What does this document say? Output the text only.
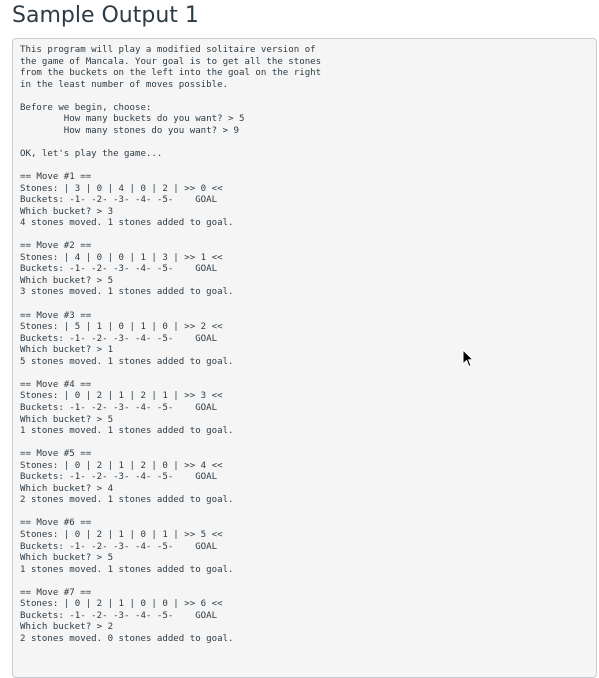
Sample Output 1
This program will play a modified solitaire version of
the game of Mancala. Your goal is to get all the stones
from the buckets on the left into the goal on the right
in the least number of moves possible.

Before we begin, choose:
How many buckets do you want? > 5
How many stones do you want? > 9

OK, let's play the game...

== Move #1 ==
Stones: | 3 | 0 | 4 | 0 | 2 | >> 0 <<
Buckets: -1- -2- -3- -4- -5-    GOAL
Which bucket? > 3
4 stones moved. 1 stones added to goal.

== Move #2 ==
Stones: | 4 | 0 | 0 | 1 | 3 | >> 1 <<
Buckets: -1- -2- -3- -4- -5-    GOAL
Which bucket? > 5
3 stones moved. 1 stones added to goal.

== Move #3 ==
Stones: | 5 | 1 | 0 | 1 | 0 | >> 2 <<
Buckets: -1- -2- -3- -4- -5-    GOAL
Which bucket? > 1
5 stones moved. 1 stones added to goal.

== Move #4 ==
Stones: | 0 | 2 | 1 | 2 | 1 | >> 3 <<
Buckets: -1- -2- -3- -4- -5-    GOAL
Which bucket? > 5
1 stones moved. 1 stones added to goal.

== Move #5 ==
Stones: | 0 | 2 | 1 | 2 | 0 | >> 4 <<
Buckets: -1- -2- -3- -4- -5-    GOAL
Which bucket? > 4
2 stones moved. 1 stones added to goal.

== Move #6 ==
Stones: | 0 | 2 | 1 | 0 | 1 | >> 5 <<
Buckets: -1- -2- -3- -4- -5-    GOAL
Which bucket? > 5
1 stones moved. 1 stones added to goal.

== Move #7 ==
Stones: | 0 | 2 | 1 | 0 | 0 | >> 6 <<
Buckets: -1- -2- -3- -4- -5-    GOAL
Which bucket? > 2
2 stones moved. 0 stones added to goal.
